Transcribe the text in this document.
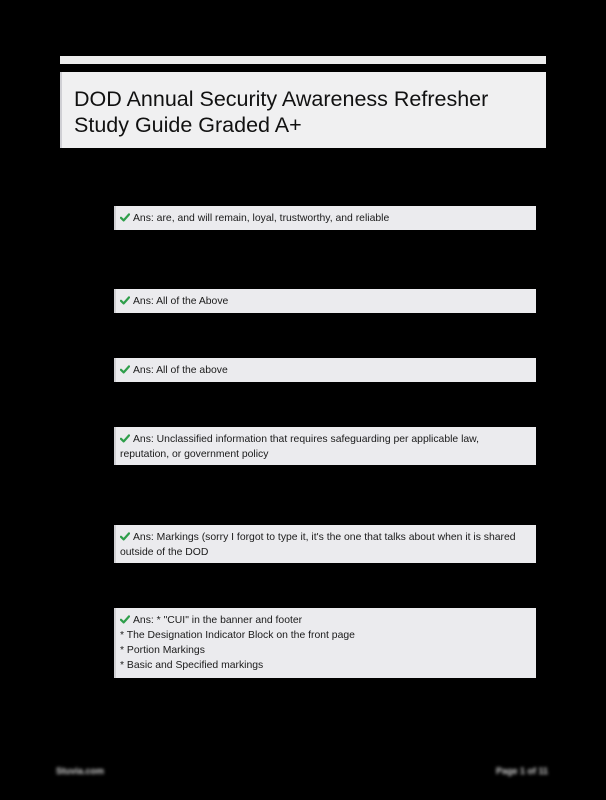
DOD Annual Security Awareness Refresher Study Guide Graded A+
Ans: are, and will remain, loyal, trustworthy, and reliable
Ans: All of the Above
Ans: All of the above
Ans: Unclassified information that requires safeguarding per applicable law,
reputation, or government policy
Ans: Markings (sorry I forgot to type it, it's the one that talks about when it is shared
outside of the DOD
Ans: * "CUI" in the banner and footer
* The Designation Indicator Block on the front page
* Portion Markings
* Basic and Specified markings
Stuvia.com	Page 1 of 11
